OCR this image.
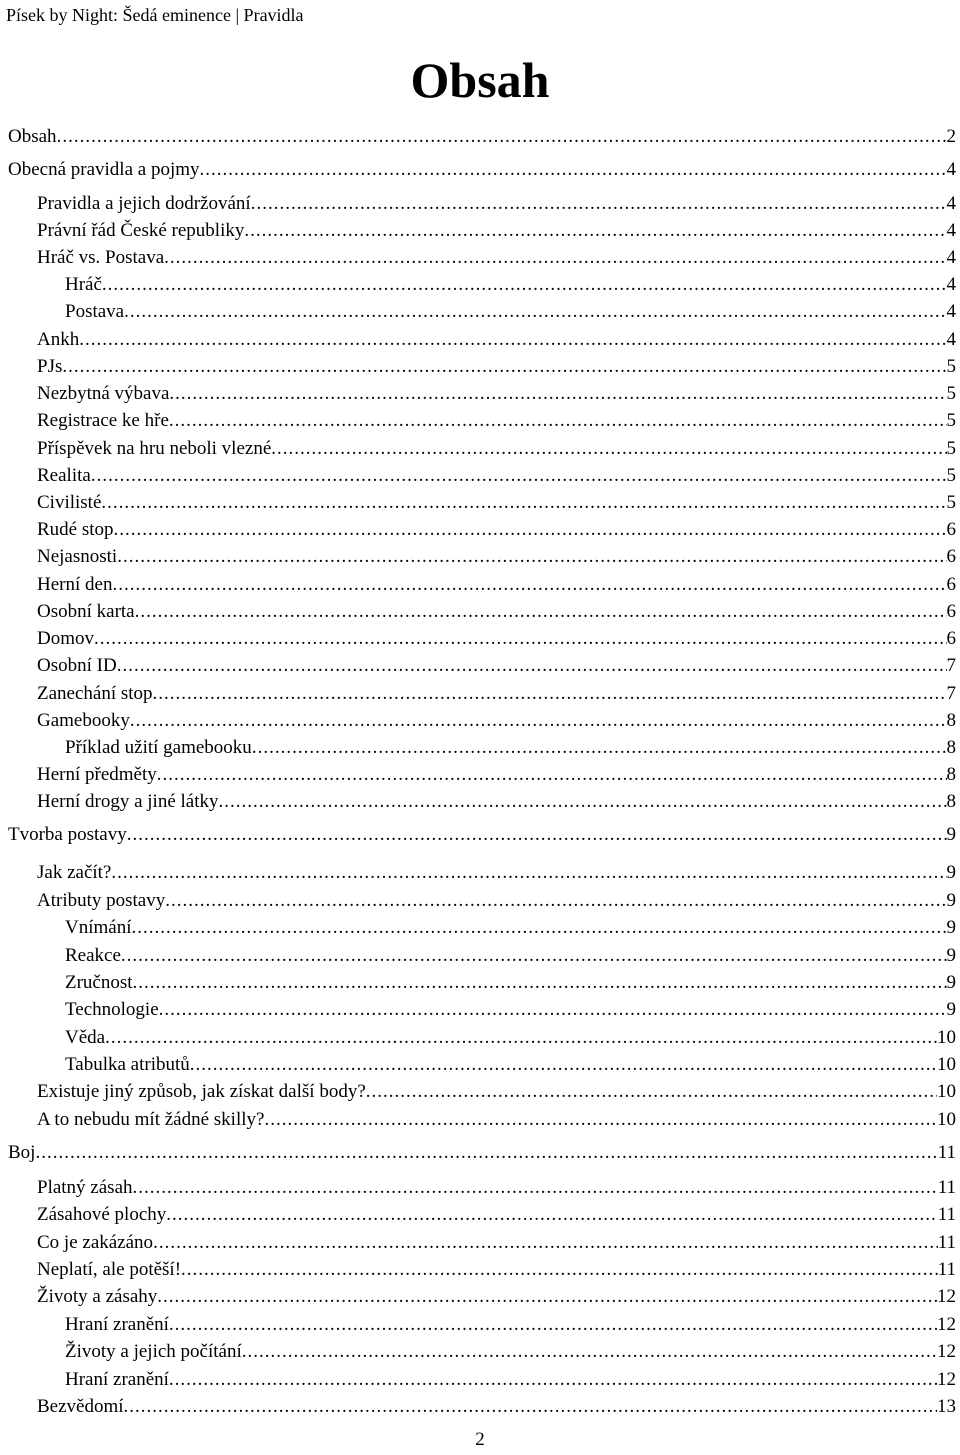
Písek by Night: Šedá eminence | Pravidla
Obsah
Obsah .....	2
Obecná pravidla a pojmy .....	4
Pravidla a jejich dodržování .....	4
Právní řád České republiky .....	4
Hráč vs. Postava .....	4
Hráč .....	4
Postava .....	4
Ankh .....	4
PJs .....	5
Nezbytná výbava .....	5
Registrace ke hře .....	5
Příspěvek na hru neboli vlezné .....	5
Realita .....	5
Civilisté .....	5
Rudé stop .....	6
Nejasnosti .....	6
Herní den .....	6
Osobní karta .....	6
Domov .....	6
Osobní ID .....	7
Zanechání stop .....	7
Gamebooky .....	8
Příklad užití gamebooku .....	8
Herní předměty .....	8
Herní drogy a jiné látky .....	8
Tvorba postavy .....	9
Jak začít? .....	9
Atributy postavy .....	9
Vnímání .....	9
Reakce .....	9
Zručnost .....	9
Technologie .....	9
Věda .....	10
Tabulka atributů .....	10
Existuje jiný způsob, jak získat další body? .....	10
A to nebudu mít žádné skilly? .....	10
Boj .....	11
Platný zásah .....	11
Zásahové plochy .....	11
Co je zakázáno .....	11
Neplatí, ale potěší! .....	11
Životy a zásahy .....	12
Hraní zranění .....	12
Životy a jejich počítání .....	12
Hraní zranění .....	12
Bezvědomí .....	13
2
